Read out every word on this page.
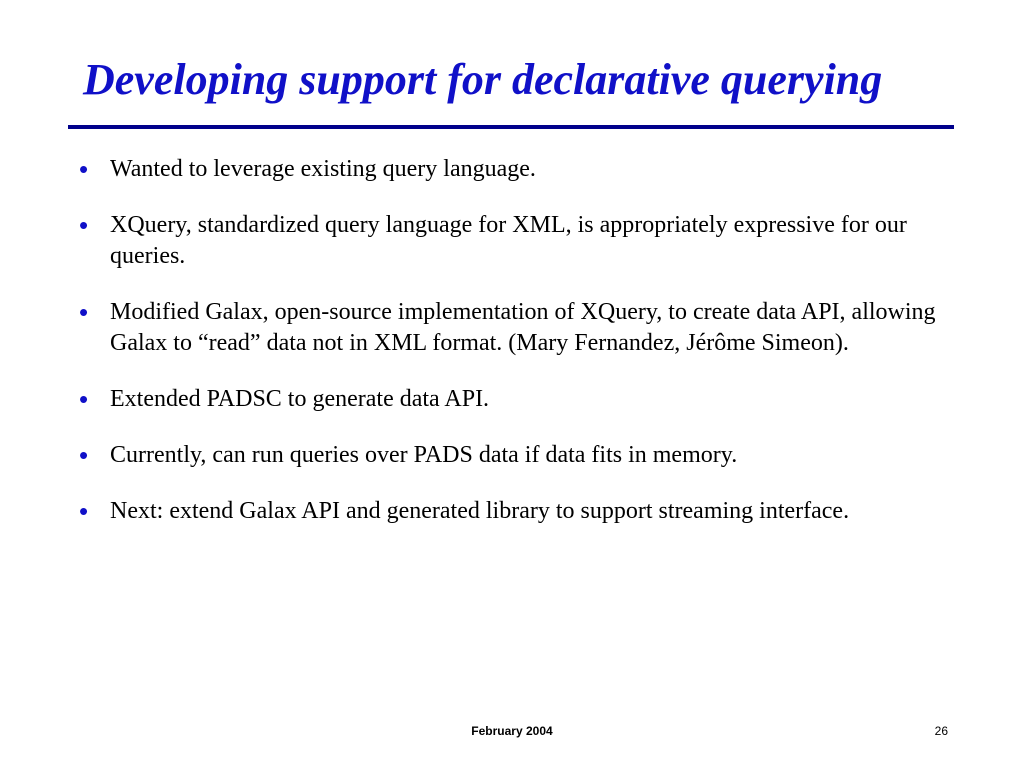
Developing support for declarative querying
• Wanted to leverage existing query language.
• XQuery, standardized query language for XML, is appropriately expressive for our queries.
• Modified Galax, open-source implementation of XQuery, to create data API, allowing Galax to “read” data not in XML format. (Mary Fernandez, Jérôme Simeon).
• Extended PADSC to generate data API.
• Currently, can run queries over PADS data if data fits in memory.
• Next: extend Galax API and generated library to support streaming interface.
February 2004	26
